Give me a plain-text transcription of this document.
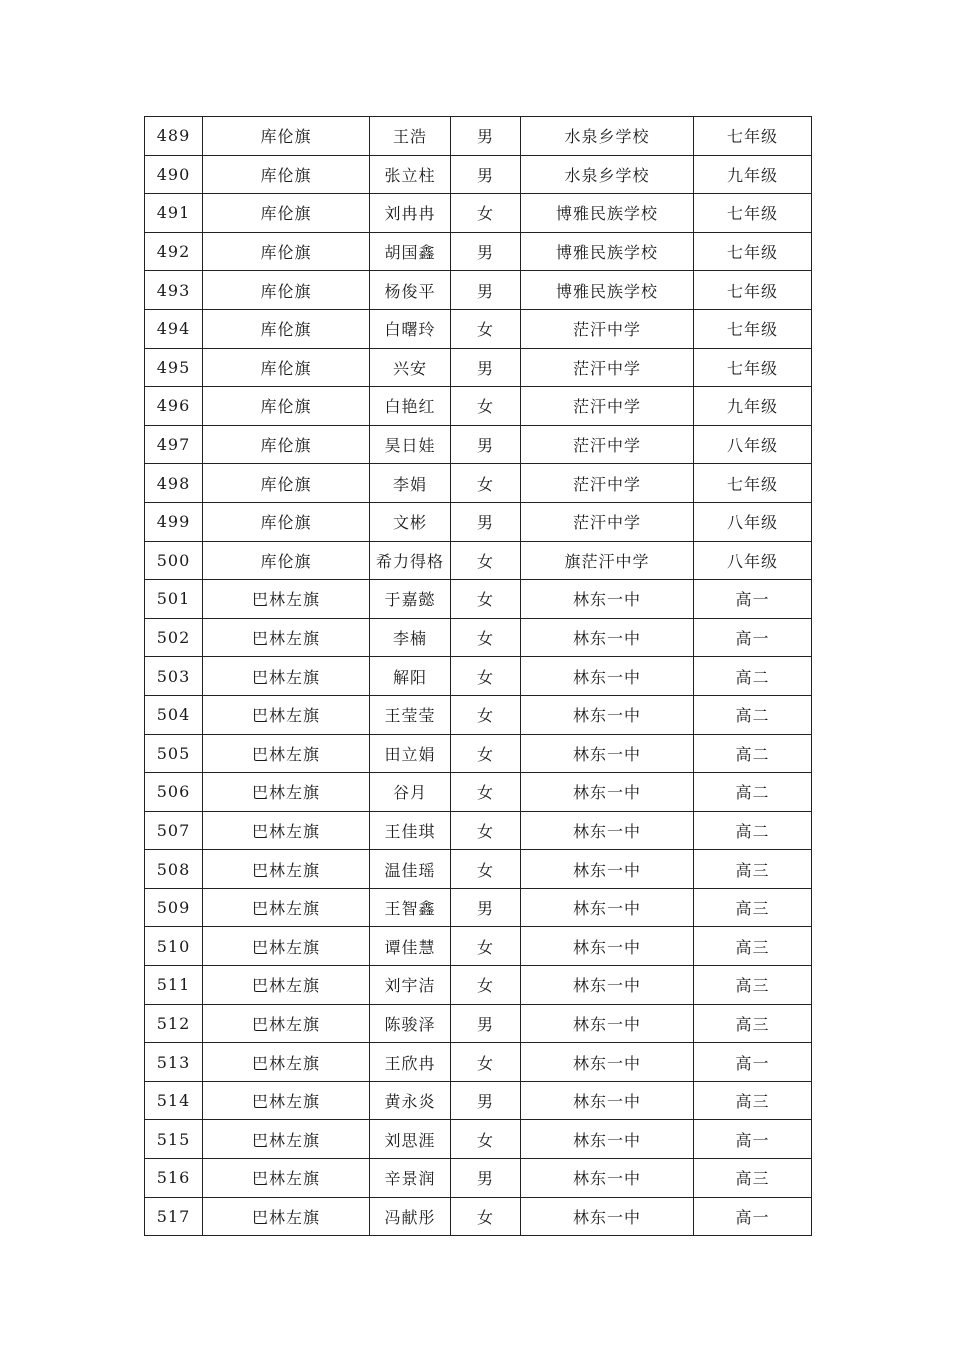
489	库伦旗	王浩	男	水泉乡学校	七年级
490	库伦旗	张立柱	男	水泉乡学校	九年级
491	库伦旗	刘冉冉	女	博雅民族学校	七年级
492	库伦旗	胡国鑫	男	博雅民族学校	七年级
493	库伦旗	杨俊平	男	博雅民族学校	七年级
494	库伦旗	白曙玲	女	茫汗中学	七年级
495	库伦旗	兴安	男	茫汗中学	七年级
496	库伦旗	白艳红	女	茫汗中学	九年级
497	库伦旗	昊日娃	男	茫汗中学	八年级
498	库伦旗	李娟	女	茫汗中学	七年级
499	库伦旗	文彬	男	茫汗中学	八年级
500	库伦旗	希力得格	女	旗茫汗中学	八年级
501	巴林左旗	于嘉懿	女	林东一中	高一
502	巴林左旗	李楠	女	林东一中	高一
503	巴林左旗	解阳	女	林东一中	高二
504	巴林左旗	王莹莹	女	林东一中	高二
505	巴林左旗	田立娟	女	林东一中	高二
506	巴林左旗	谷月	女	林东一中	高二
507	巴林左旗	王佳琪	女	林东一中	高二
508	巴林左旗	温佳瑶	女	林东一中	高三
509	巴林左旗	王智鑫	男	林东一中	高三
510	巴林左旗	谭佳慧	女	林东一中	高三
511	巴林左旗	刘宇洁	女	林东一中	高三
512	巴林左旗	陈骏泽	男	林东一中	高三
513	巴林左旗	王欣冉	女	林东一中	高一
514	巴林左旗	黄永炎	男	林东一中	高三
515	巴林左旗	刘思涯	女	林东一中	高一
516	巴林左旗	辛景润	男	林东一中	高三
517	巴林左旗	冯献彤	女	林东一中	高一
